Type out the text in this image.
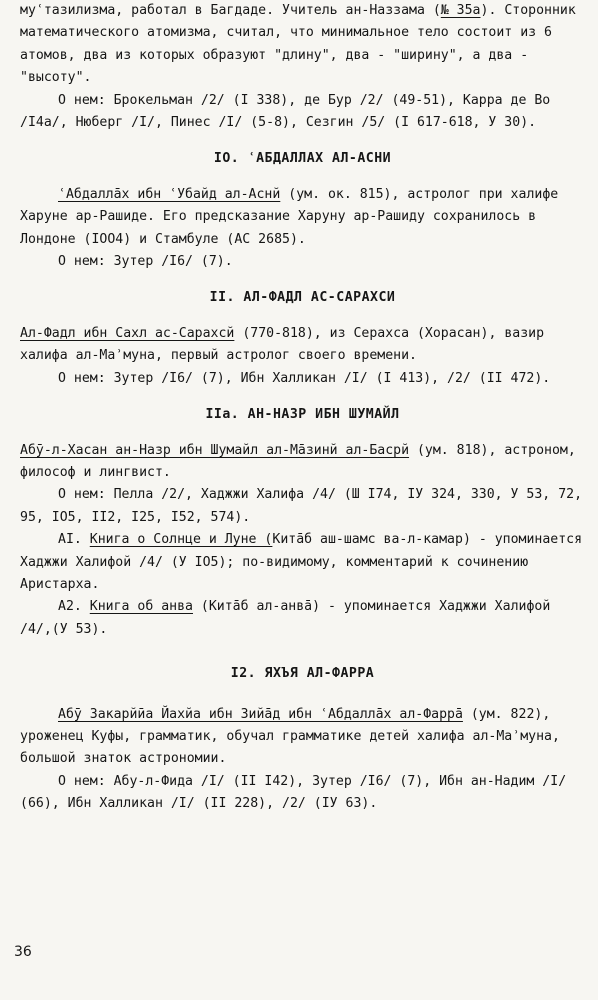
муʿтазилизма, работал в Багдаде. Учитель ан-Наззама (№ 35а). Сторонник математического атомизма, считал, что минимальное тело состоит из 6 атомов, два из которых образуют "длину", два - "ширину", а два - "высоту".

О нем: Брокельман /2/ (I 338), де Бур /2/ (49-51), Карра де Во /I4а/, Нюберг /I/, Пинес /I/ (5-8), Сезгин /5/ (I 617-618, У 30).

IО. ʿАБДАЛЛАХ АЛ-АСНИ

ʿАбдаллāх ибн ʿУбайд ал-Аснй (ум. ок. 815), астролог при халифе Харуне ар-Рашиде. Его предсказание Харуну ар-Рашиду сохранилось в Лондоне (IОО4) и Стамбуле (АС 2685).

О нем: Зутер /I6/ (7).

II. АЛ-ФАДЛ АС-САРАХСИ

Ал-Фадл ибн Сахл ас-Сарахсй (770-818), из Серахса (Хорасан), вазир халифа ал-Маʾмуна, первый астролог своего времени.

О нем: Зутер /I6/ (7), Ибн Халликан /I/ (I 413), /2/ (II 472).

IIа. АН-НАЗР ИБН ШУМАЙЛ

Абӯ-л-Хасан ан-Назр ибн Шумайл ал-Мāзинй ал-Басрй (ум. 818), астроном, философ и лингвист.

О нем: Пелла /2/, Хаджжи Халифа /4/ (Ш I74, IУ 324, 330, У 53, 72, 95, IО5, II2, I25, I52, 574).

АI. Книга о Солнце и Луне (Китāб аш-шамс ва-л-камар) - упоминается Хаджжи Халифой /4/ (У IО5); по-видимому, комментарий к сочинению Аристарха.

А2. Книга об анва (Китāб ал-анвā) - упоминается Хаджжи Халифой /4/,(У 53).

I2. ЯХЪЯ АЛ-ФАРРА

Абӯ Закарйӣа Йахйа ибн Зийāд ибн ʿАбдаллāх ал-Фаррā (ум. 822), уроженец Куфы, грамматик, обучал грамматике детей халифа ал-Маʾмуна, большой знаток астрономии.

О нем: Абу-л-Фида /I/ (II I42), Зутер /I6/ (7), Ибн ан-Надим /I/ (66), Ибн Халликан /I/ (II 228), /2/ (IУ 63).

36
